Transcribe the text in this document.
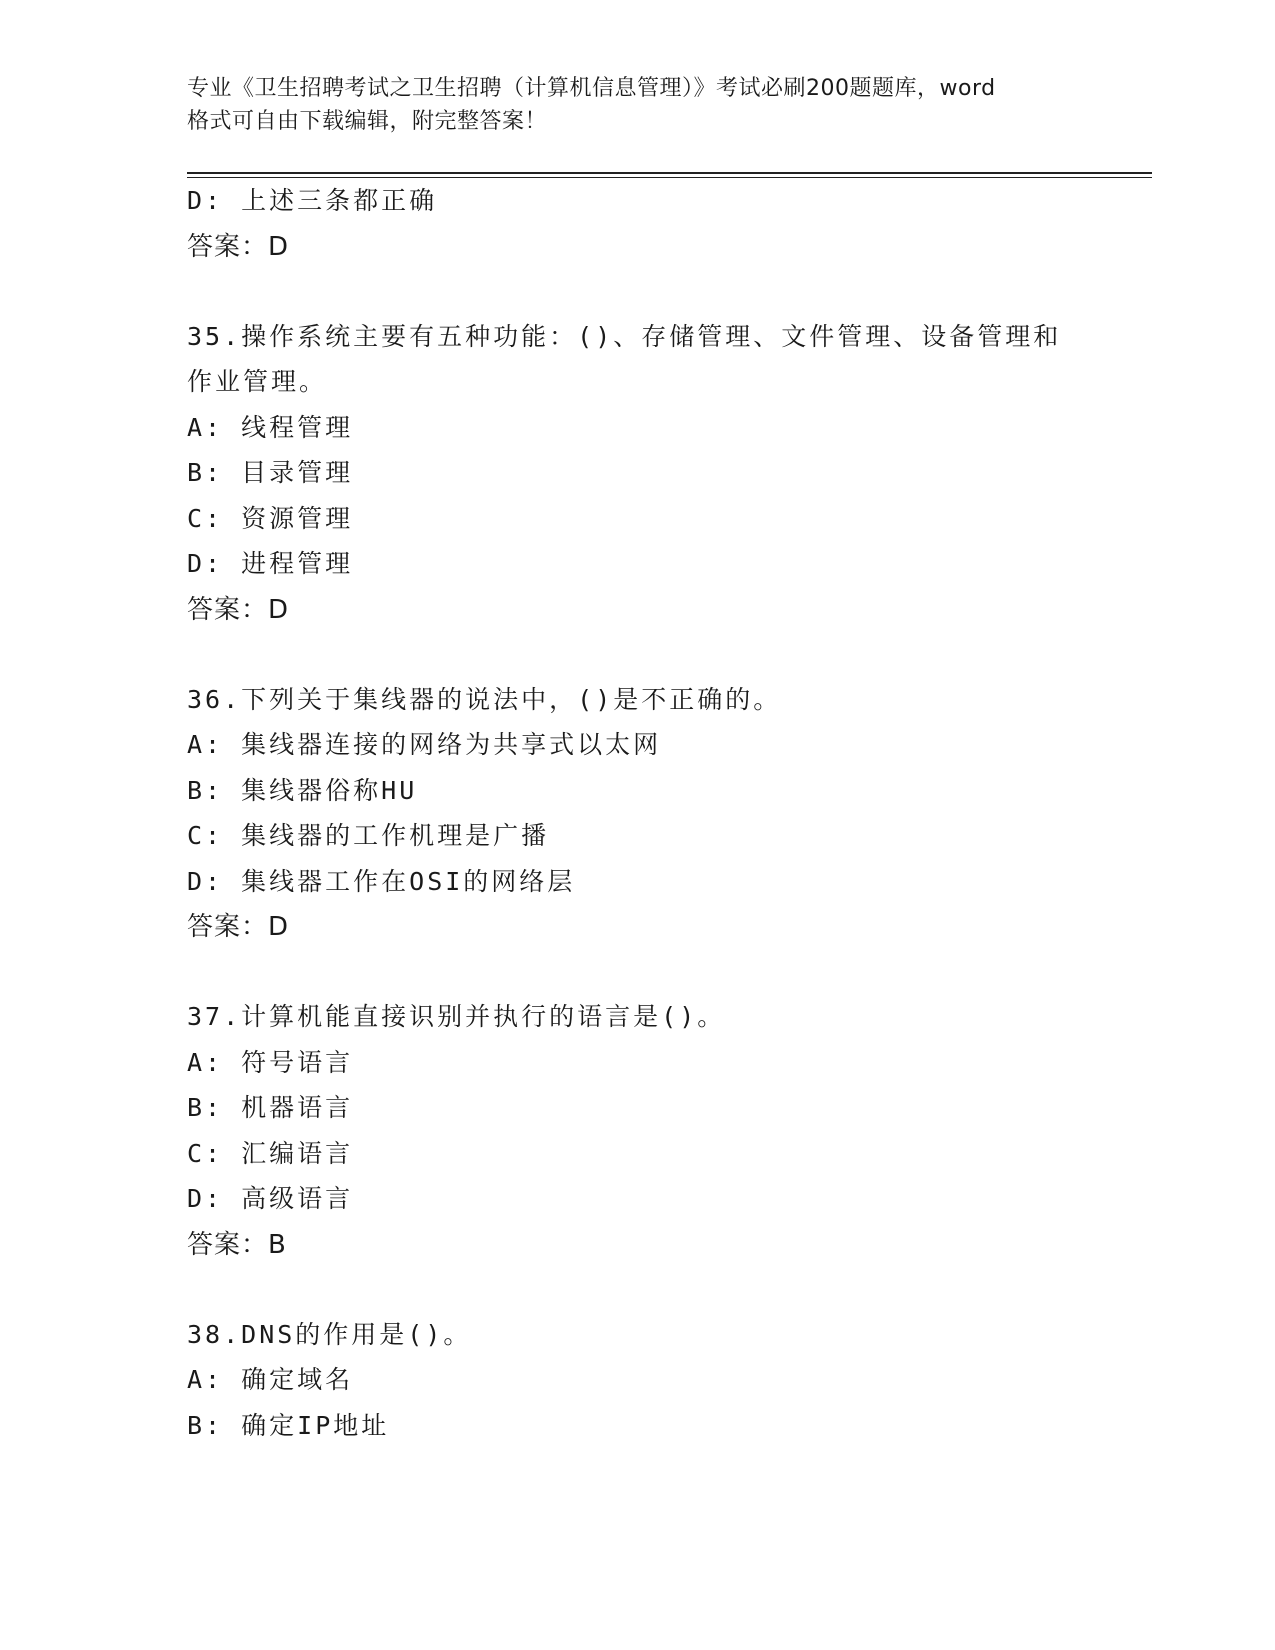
专业《卫生招聘考试之卫生招聘（计算机信息管理）》考试必刷200题题库，word
格式可自由下载编辑，附完整答案！
D: 上述三条都正确
答案：D
35.操作系统主要有五种功能：()、存储管理、文件管理、设备管理和
作业管理。
A: 线程管理
B: 目录管理
C: 资源管理
D: 进程管理
答案：D
36.下列关于集线器的说法中，()是不正确的。
A: 集线器连接的网络为共享式以太网
B: 集线器俗称HU
C: 集线器的工作机理是广播
D: 集线器工作在OSI的网络层
答案：D
37.计算机能直接识别并执行的语言是()。
A: 符号语言
B: 机器语言
C: 汇编语言
D: 高级语言
答案：B
38.DNS的作用是()。
A: 确定域名
B: 确定IP地址
